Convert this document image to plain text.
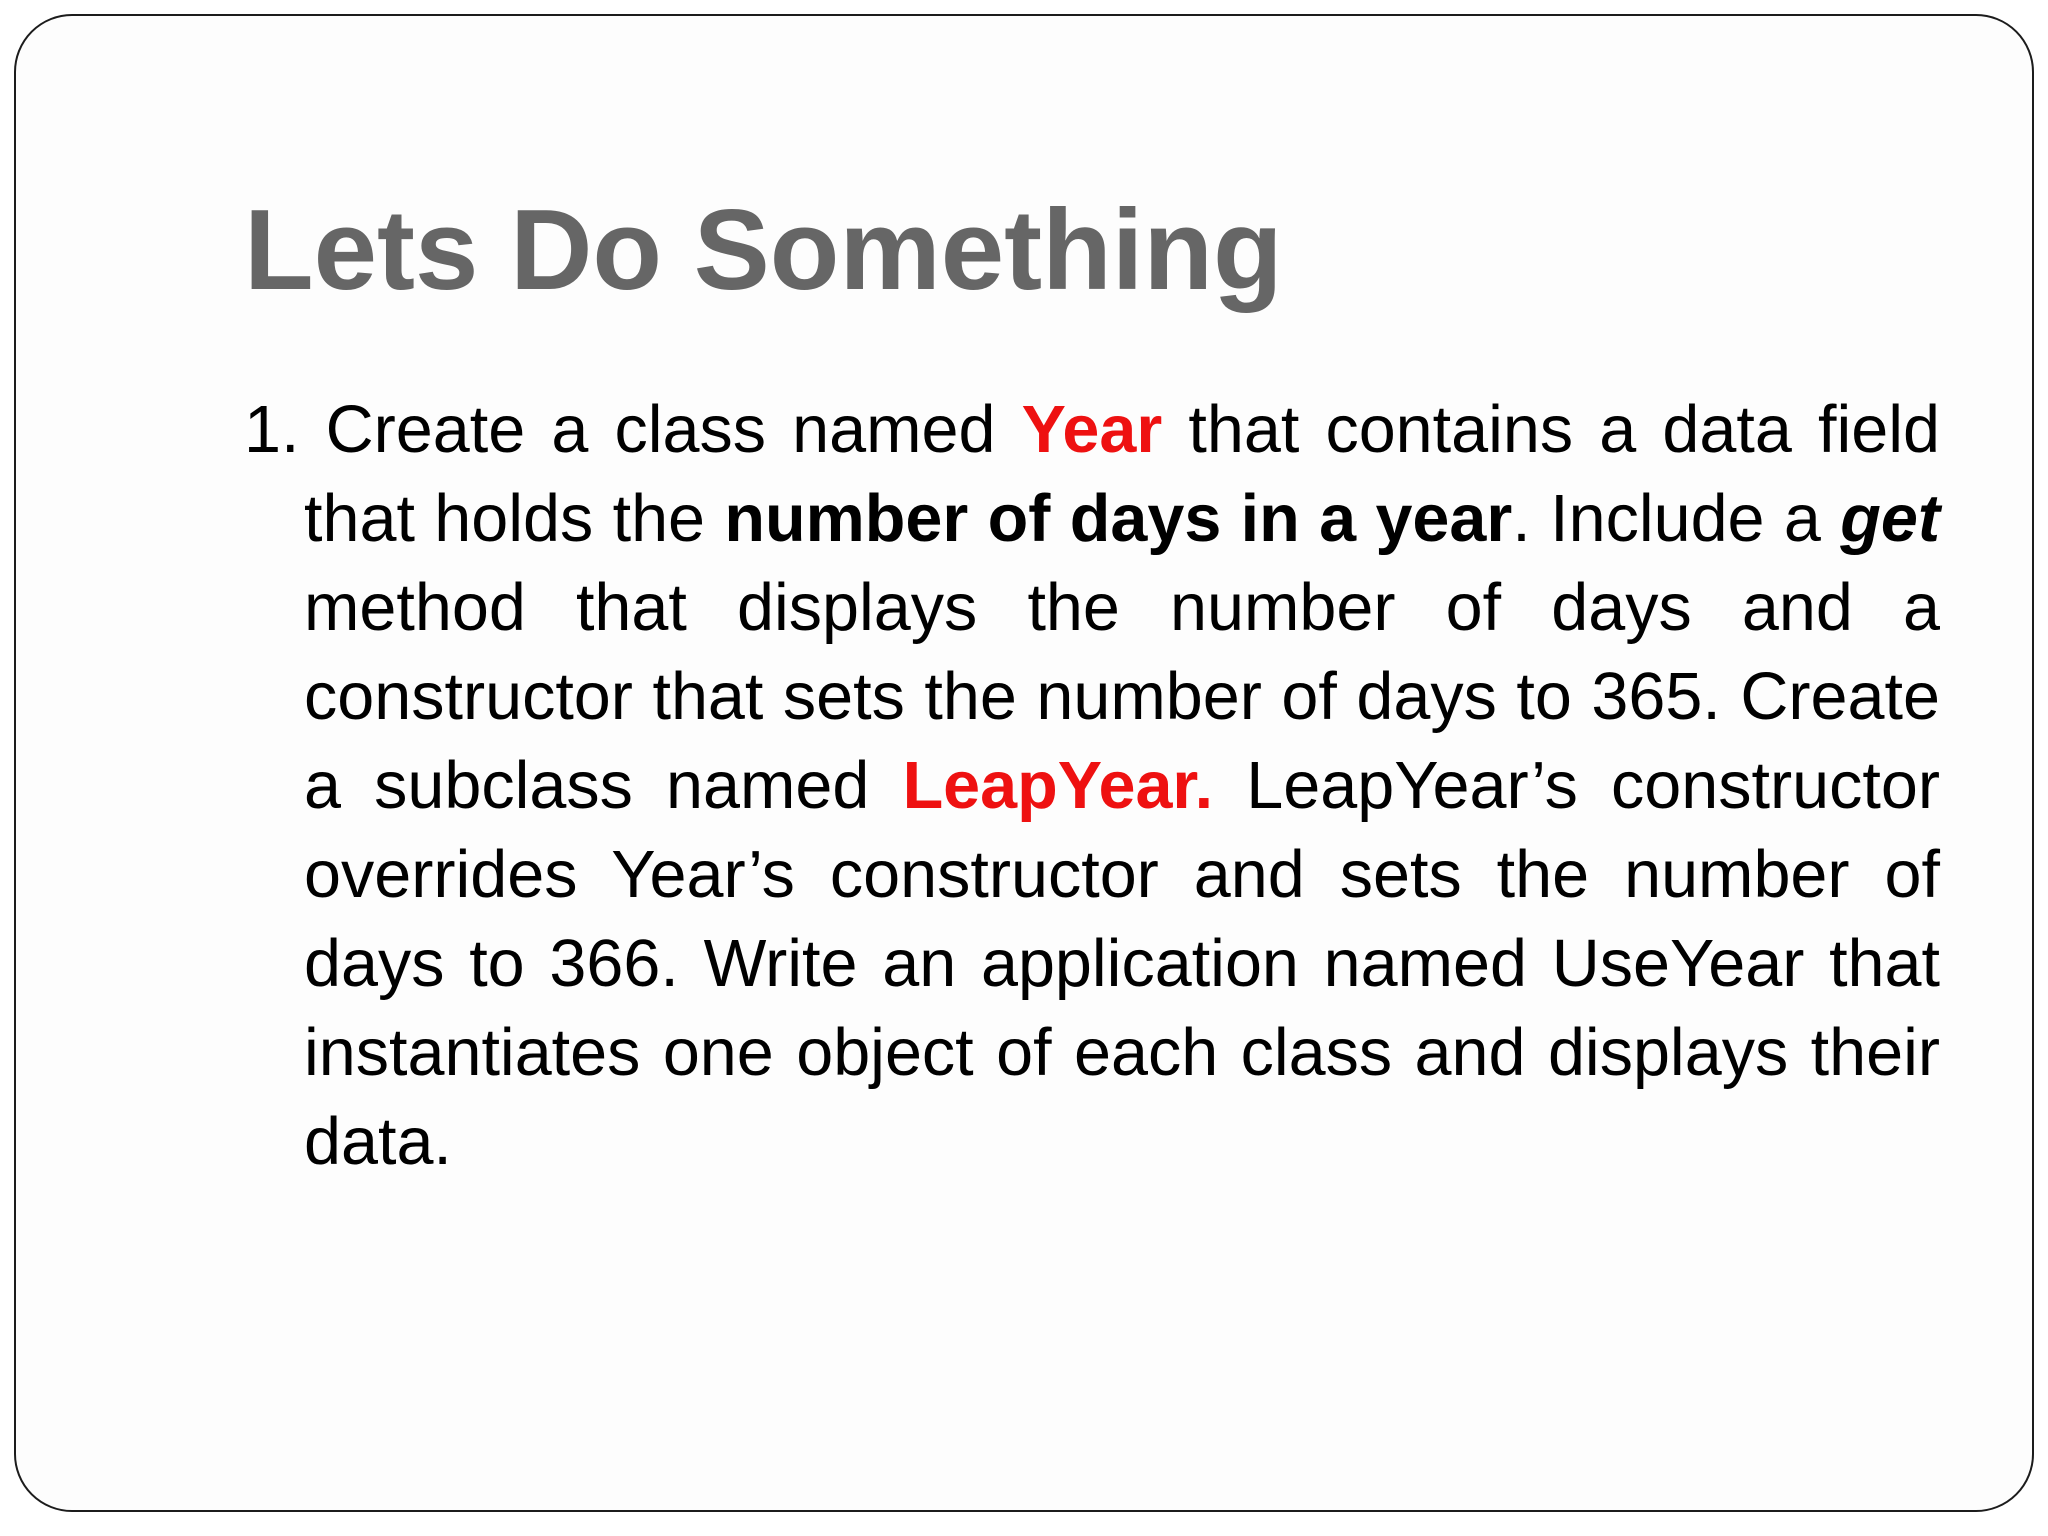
Lets Do Something

1. Create a class named Year that contains a data field that holds the number of days in a year. Include a get method that displays the number of days and a constructor that sets the number of days to 365. Create a subclass named LeapYear. LeapYear’s constructor overrides Year’s constructor and sets the number of days to 366. Write an application named UseYear that instantiates one object of each class and displays their data.
